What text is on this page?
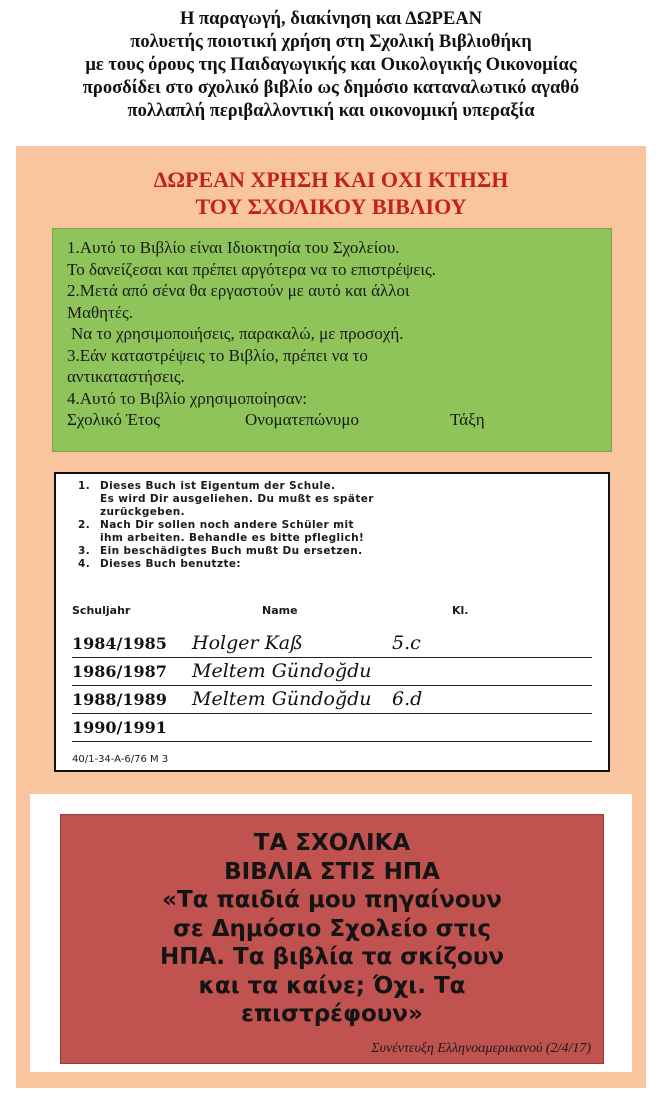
Η παραγωγή, διακίνηση και ΔΩΡΕΑΝ
πολυετής ποιοτική χρήση στη Σχολική Βιβλιοθήκη
με τους όρους της Παιδαγωγικής και Οικολογικής Οικονομίας
προσδίδει στο σχολικό βιβλίο ως δημόσιο καταναλωτικό αγαθό
πολλαπλή περιβαλλοντική και οικονομική υπεραξία
ΔΩΡΕΑΝ ΧΡΗΣΗ ΚΑΙ ΟΧΙ ΚΤΗΣΗ
ΤΟΥ ΣΧΟΛΙΚΟΥ ΒΙΒΛΙΟΥ
1.Αυτό το Βιβλίο είναι Ιδιοκτησία του Σχολείου.
Το δανείζεσαι και πρέπει αργότερα να το επιστρέψεις.
2.Μετά από σένα θα εργαστούν με αυτό και άλλοι
Μαθητές.
Να το χρησιμοποιήσεις, παρακαλώ, με προσοχή.
3.Εάν καταστρέψεις το Βιβλίο, πρέπει να το
αντικαταστήσεις.
4.Αυτό το Βιβλίο χρησιμοποίησαν:
Σχολικό Έτος	Ονοματεπώνυμο	Τάξη
1. Dieses Buch ist Eigentum der Schule.
Es wird Dir ausgeliehen. Du mußt es später
zurückgeben.
2. Nach Dir sollen noch andere Schüler mit
ihm arbeiten. Behandle es bitte pfleglich!
3. Ein beschädigtes Buch mußt Du ersetzen.
4. Dieses Buch benutzte:
Schuljahr	Name	Kl.
1984/1985 Holger Kaß	5.c
1986/1987 Meltem Gündoğdu
1988/1989 Meltem Gündoğdu 6.d
1990/1991
40/1-34-A-6/76 M 3
ΤΑ ΣΧΟΛΙΚΑ
ΒΙΒΛΙΑ ΣΤΙΣ ΗΠΑ
«Τα παιδιά μου πηγαίνουν
σε Δημόσιο Σχολείο στις
ΗΠΑ. Τα βιβλία τα σκίζουν
και τα καίνε; Όχι. Τα
επιστρέφουν»
Συνέντευξη Ελληνοαμερικανού (2/4/17)
